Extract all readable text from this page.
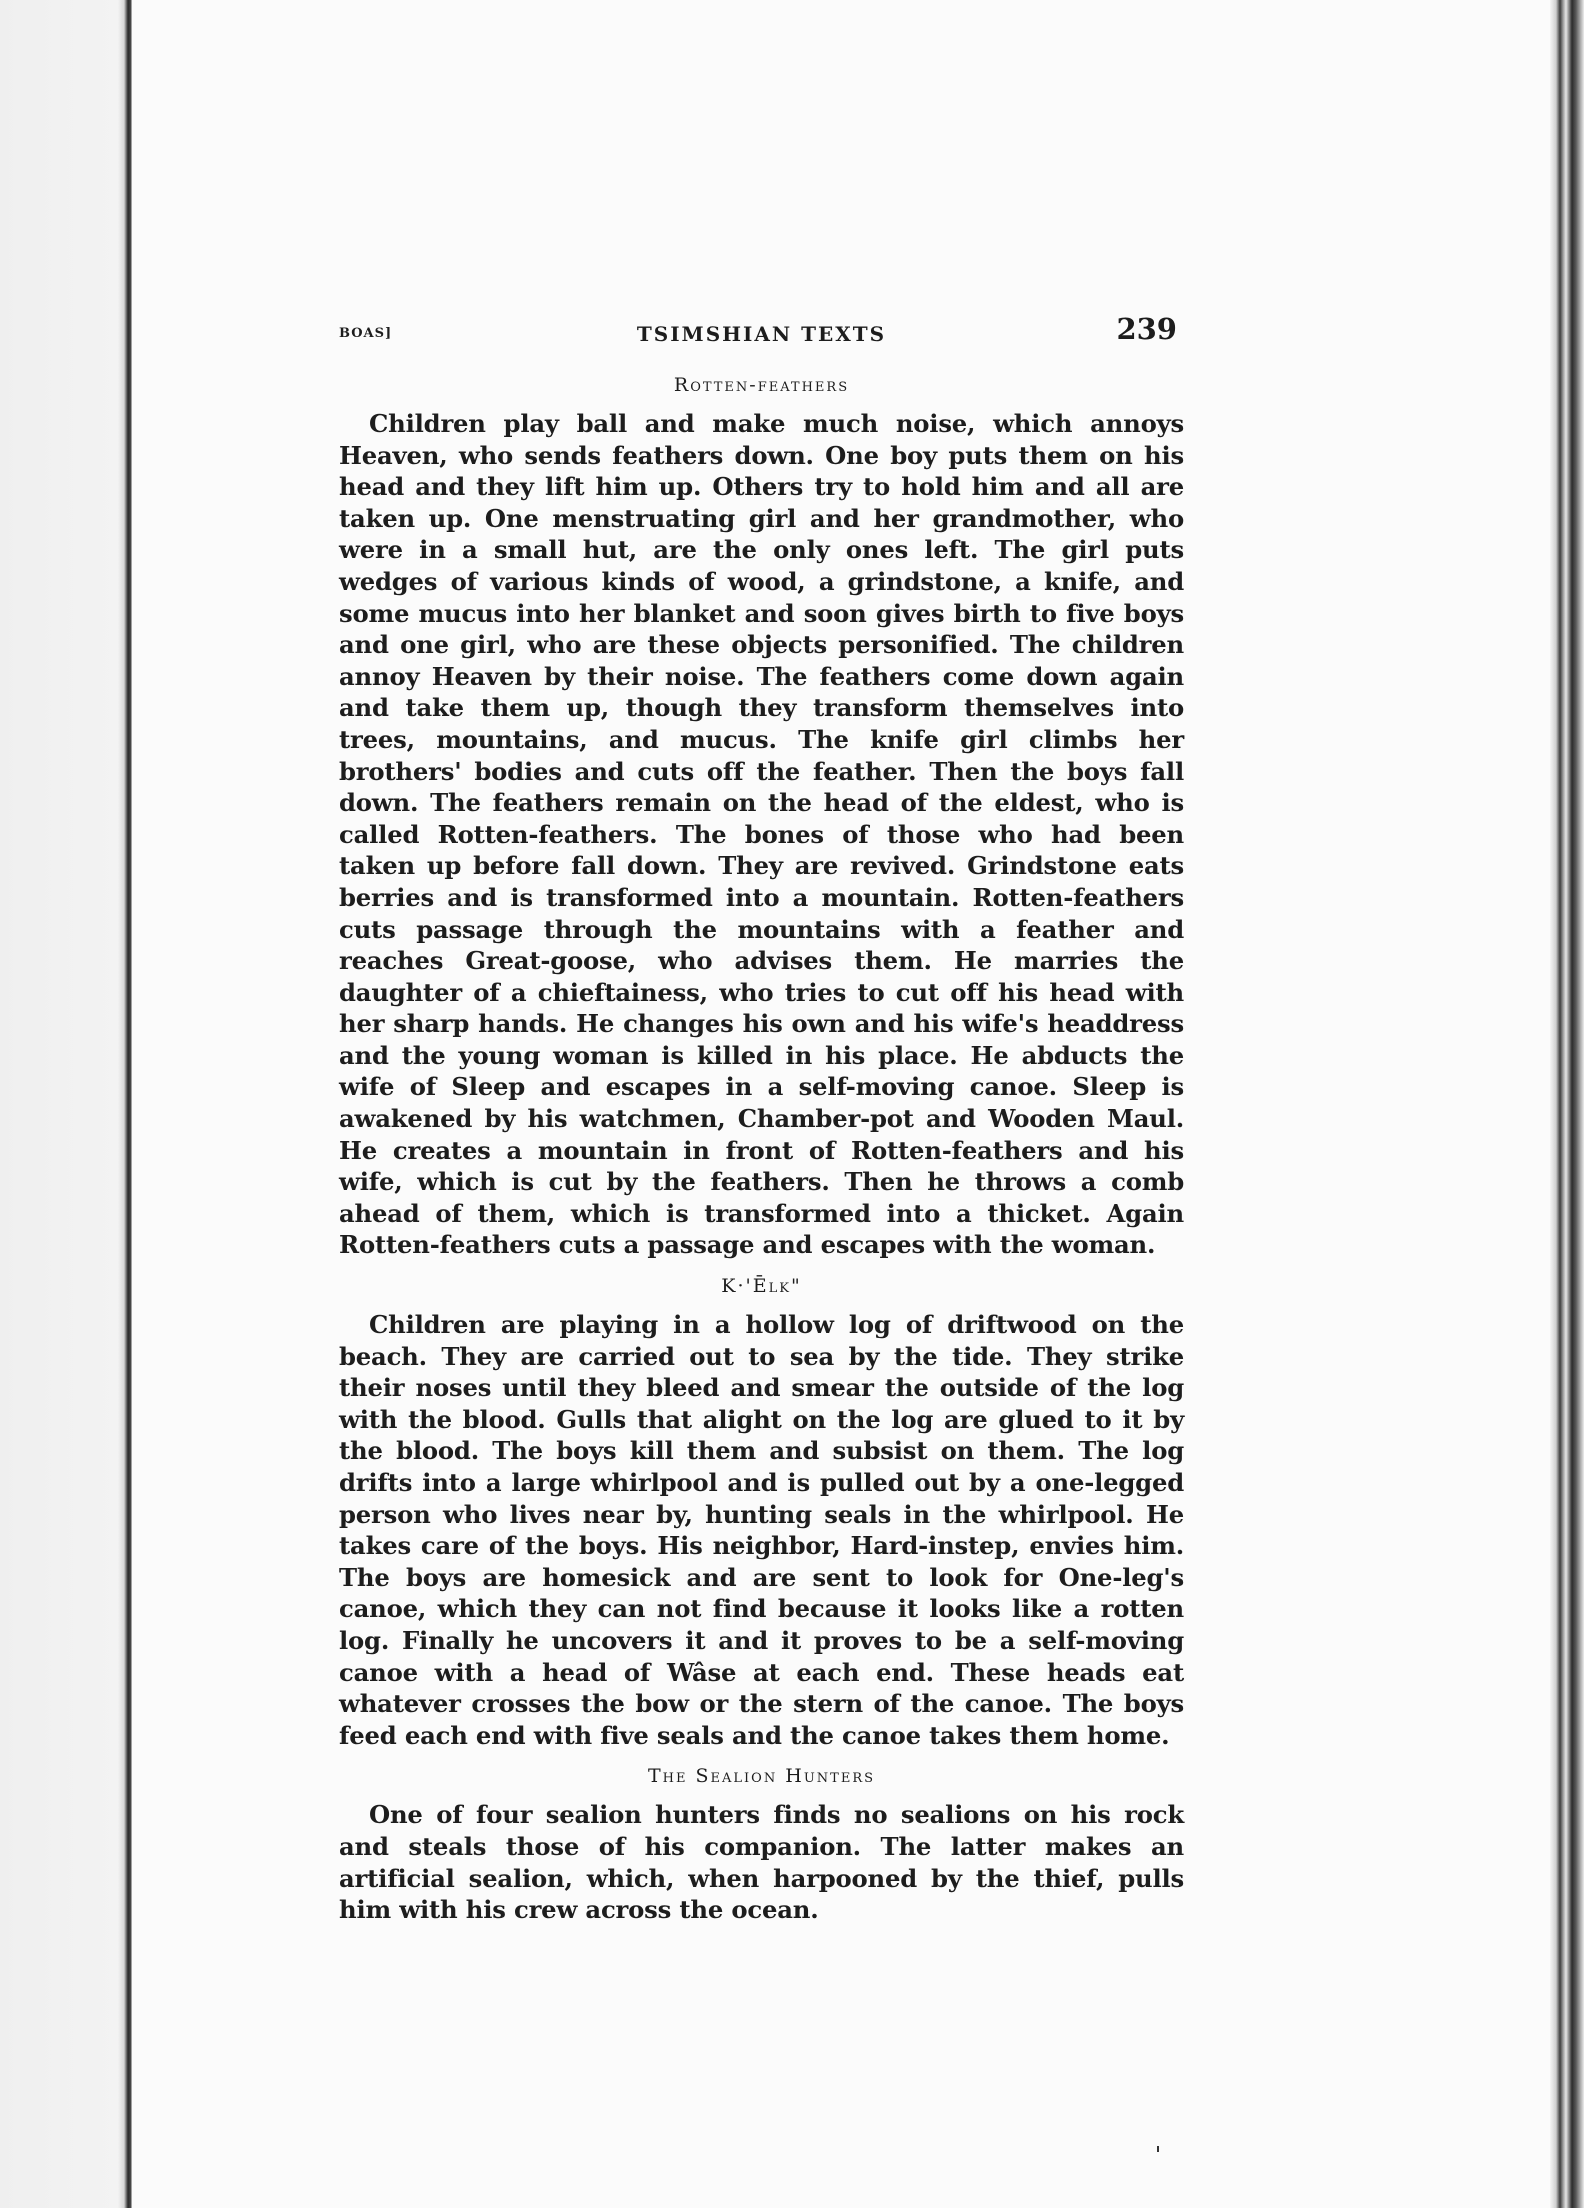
BOAS]	TSIMSHIAN TEXTS	239
Rotten-feathers

Children play ball and make much noise, which annoys Heaven, who sends feathers down. One boy puts them on his head and they lift him up. Others try to hold him and all are taken up. One menstruating girl and her grandmother, who were in a small hut, are the only ones left. The girl puts wedges of various kinds of wood, a grindstone, a knife, and some mucus into her blanket and soon gives birth to five boys and one girl, who are these objects personified. The children annoy Heaven by their noise. The feathers come down again and take them up, though they transform themselves into trees, mountains, and mucus. The knife girl climbs her brothers' bodies and cuts off the feather. Then the boys fall down. The feathers remain on the head of the eldest, who is called Rotten-feathers. The bones of those who had been taken up before fall down. They are revived. Grindstone eats berries and is transformed into a mountain. Rotten-feathers cuts passage through the mountains with a feather and reaches Great-goose, who advises them. He marries the daughter of a chieftainess, who tries to cut off his head with her sharp hands. He changes his own and his wife's headdress and the young woman is killed in his place. He abducts the wife of Sleep and escapes in a self-moving canoe. Sleep is awakened by his watchmen, Chamber-pot and Wooden Maul. He creates a mountain in front of Rotten-feathers and his wife, which is cut by the feathers. Then he throws a comb ahead of them, which is transformed into a thicket. Again Rotten-feathers cuts a passage and escapes with the woman.

K·'Ēlk"

Children are playing in a hollow log of driftwood on the beach. They are carried out to sea by the tide. They strike their noses until they bleed and smear the outside of the log with the blood. Gulls that alight on the log are glued to it by the blood. The boys kill them and subsist on them. The log drifts into a large whirlpool and is pulled out by a one-legged person who lives near by, hunting seals in the whirlpool. He takes care of the boys. His neighbor, Hard-instep, envies him. The boys are homesick and are sent to look for One-leg's canoe, which they can not find because it looks like a rotten log. Finally he uncovers it and it proves to be a self-moving canoe with a head of Wâse at each end. These heads eat whatever crosses the bow or the stern of the canoe. The boys feed each end with five seals and the canoe takes them home.

The Sealion Hunters

One of four sealion hunters finds no sealions on his rock and steals those of his companion. The latter makes an artificial sealion, which, when harpooned by the thief, pulls him with his crew across the ocean.
